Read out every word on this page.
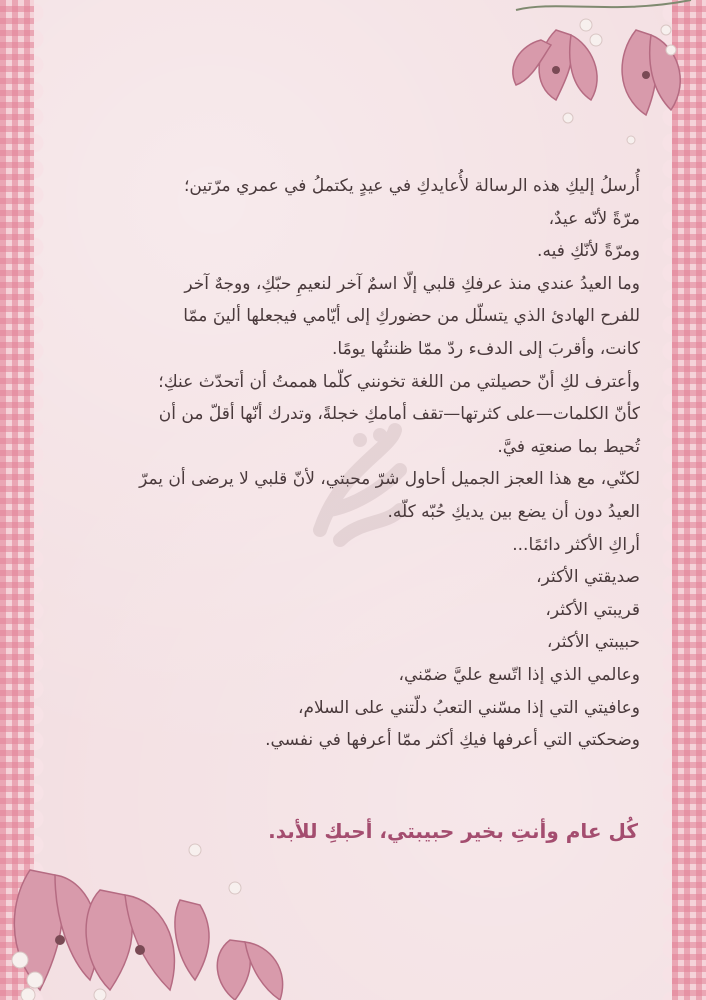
أُرسلُ إليكِ هذه الرسالة لأُعايدكِ في عيدٍ يكتملُ في عمري مرّتين؛
مرّةً لأنّه عيدٌ،
ومرّةً لأنّكِ فيه.
وما العيدُ عندي منذ عرفكِ قلبي إلّا اسمٌ آخر لنعيمِ حبّكِ، ووجهٌ آخر
للفرح الهادئ الذي يتسلّل من حضوركِ إلى أيّامي فيجعلها ألينَ ممّا
كانت، وأقربَ إلى الدفء ردّ ممّا ظننتُها يومًا.
وأعترف لكِ أنّ حصيلتي من اللغة تخونني كلّما هممتُ أن أتحدّث عنكِ؛
كأنّ الكلمات—على كثرتها—تقف أمامكِ خجلةً، وتدرك أنّها أقلّ من أن
تُحيط بما صنعتِه فيَّ.
لكنّي، مع هذا العجز الجميل أحاول شرّ محبتي، لأنّ قلبي لا يرضى أن يمرّ
العيدُ دون أن يضع بين يديكِ حُبّه كلّه.
أراكِ الأكثر دائمًا...
صديقتي الأكثر،
قريبتي الأكثر،
حبيبتي الأكثر،
وعالمي الذي إذا اتّسع عليَّ ضمّني،
وعافيتي التي إذا مسّني التعبُ دلّتني على السلام،
وضحكتي التي أعرفها فيكِ أكثر ممّا أعرفها في نفسي.
كُل عام وأنتِ بخير حبيبتي، أحبكِ للأبد.
